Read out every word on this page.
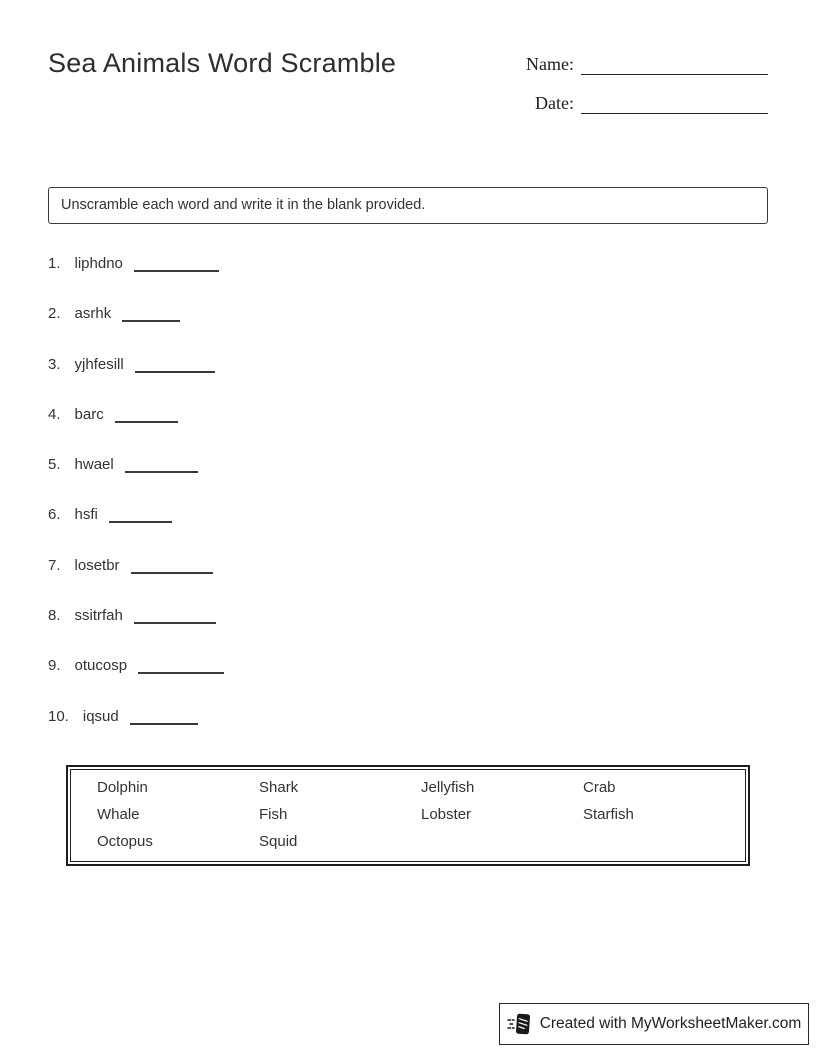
Sea Animals Word Scramble	Name:
Date:
Unscramble each word and write it in the blank provided.
1. liphdno
2. asrhk
3. yjhfesill
4. barc
5. hwael
6. hsfi
7. losetbr
8. ssitrfah
9. otucosp
10. iqsud
Dolphin	Shark	Jellyfish	Crab
Whale	Fish	Lobster	Starfish
Octopus	Squid
Created with MyWorksheetMaker.com
